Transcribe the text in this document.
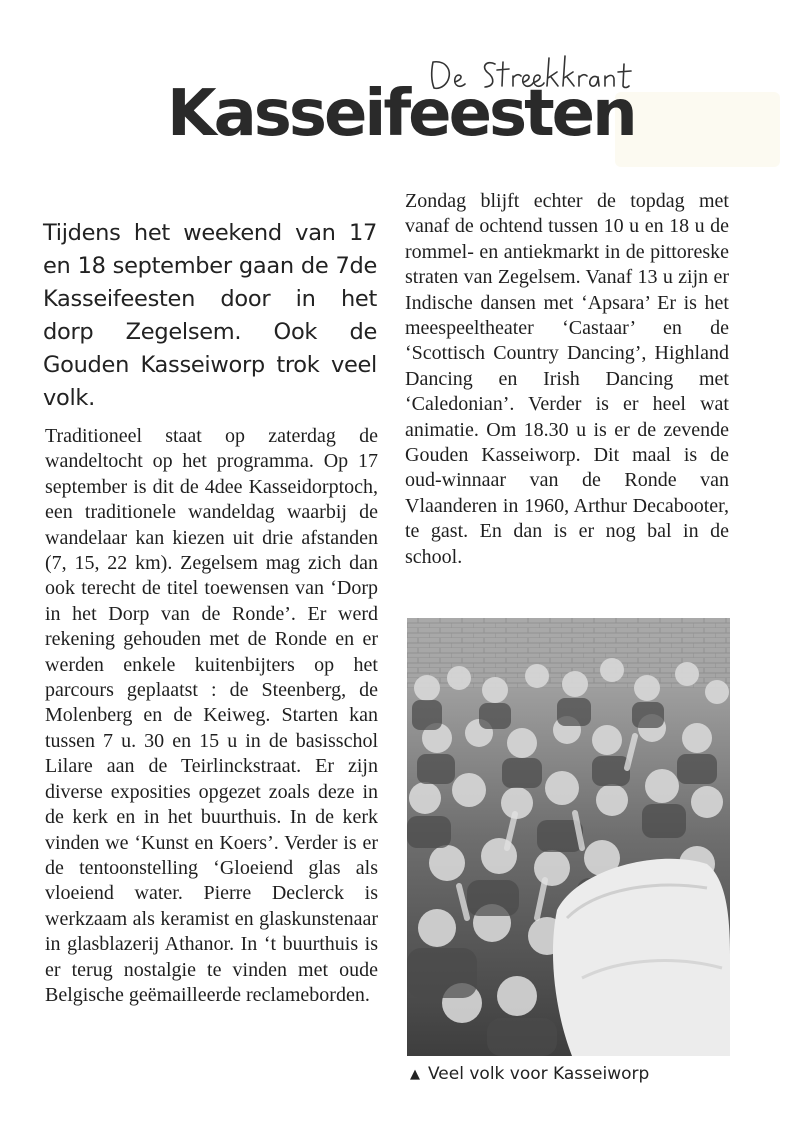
Kasseifeesten

Tijdens het weekend van 17 en 18 september gaan de 7de Kasseifeesten door in het dorp Zegelsem. Ook de Gouden Kasseiworp trok veel volk.

Traditioneel staat op zaterdag de wandeltocht op het programma. Op 17 september is dit de 4dee Kasseidorptoch, een traditionele wandeldag waarbij de wandelaar kan kiezen uit drie afstanden (7, 15, 22 km). Zegelsem mag zich dan ook terecht de titel toewensen van ‘Dorp in het Dorp van de Ronde’. Er werd rekening gehouden met de Ronde en er werden enkele kuitenbijters op het parcours geplaatst : de Steenberg, de Molenberg en de Keiweg. Starten kan tussen 7 u. 30 en 15 u in de basisschol Lilare aan de Teirlinckstraat. Er zijn diverse exposities opgezet zoals deze in de kerk en in het buurthuis. In de kerk vinden we ‘Kunst en Koers’. Verder is er de tentoonstelling ‘Gloeiend glas als vloeiend water. Pierre Declerck is werkzaam als keramist en glaskunstenaar in glasblazerij Athanor. In ‘t buurthuis is er terug nostalgie te vinden met oude Belgische geëmailleerde reclameborden.

Zondag blijft echter de topdag met vanaf de ochtend tussen 10 u en 18 u de rommel- en antiekmarkt in de pittoreske straten van Zegelsem. Vanaf 13 u zijn er Indische dansen met ‘Apsara’ Er is het meespeeltheater ‘Castaar’ en de ‘Scottisch Country Dancing’, Highland Dancing en Irish Dancing met ‘Caledonian’. Verder is er heel wat animatie. Om 18.30 u is er de zevende Gouden Kasseiworp. Dit maal is de oud-winnaar van de Ronde van Vlaanderen in 1960, Arthur Decabooter, te gast. En dan is er nog bal in de school.

▲ Veel volk voor Kasseiworp
